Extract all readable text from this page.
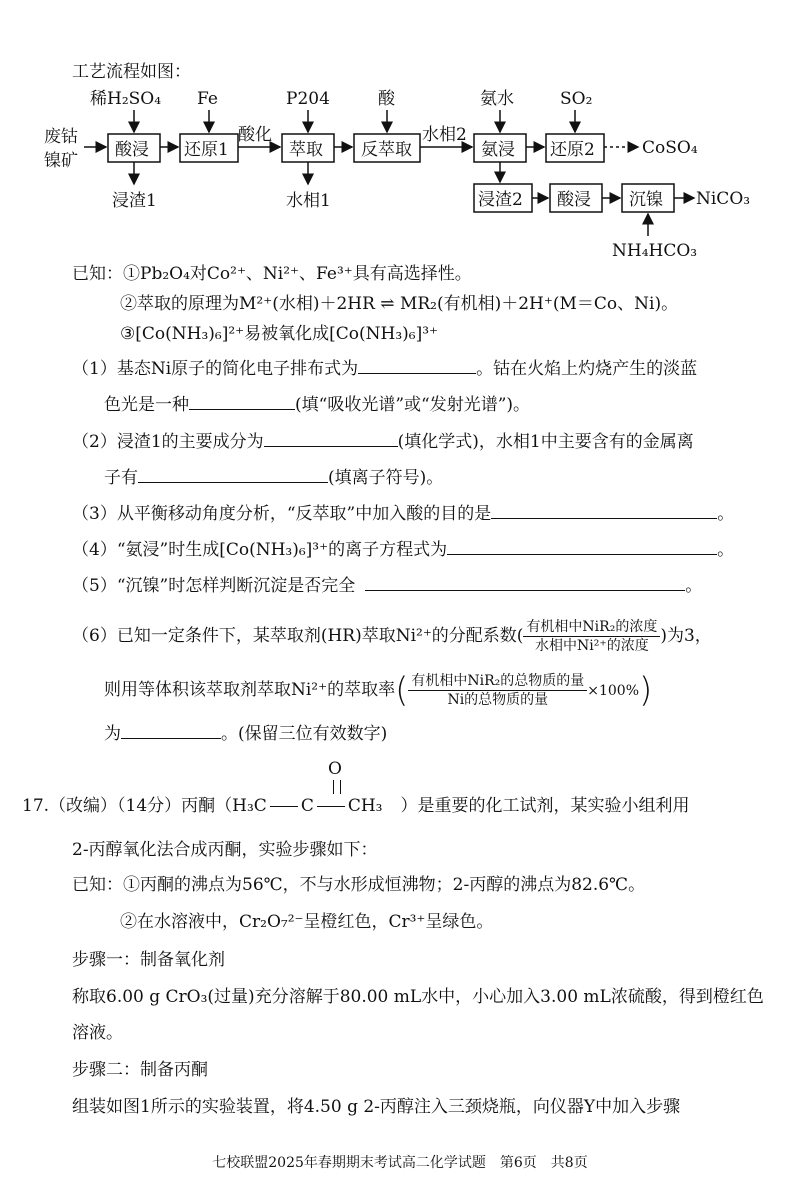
工艺流程如图：
废钴
镍矿
酸浸
稀H₂SO₄
浸渣1
还原1
Fe
酸化
萃取
P204
水相1
反萃取
酸
水相2
氨浸
氨水
还原2
SO₂
CoSO₄
浸渣2 酸浸 沉镍 NiCO₃
NH₄HCO₃
已知：①Pb₂O₄对Co²⁺、Ni²⁺、Fe³⁺具有高选择性。
②萃取的原理为M²⁺(水相)＋2HR ⇌ MR₂(有机相)＋2H⁺(M＝Co、Ni)。
③[Co(NH₃)₆]²⁺易被氧化成[Co(NH₃)₆]³⁺
（1）基态Ni原子的简化电子排布式为	。钴在火焰上灼烧产生的淡蓝
色光是一种	(填“吸收光谱”或“发射光谱”)。
（2）浸渣1的主要成分为	(填化学式)，水相1中主要含有的金属离
子有	(填离子符号)。
（3）从平衡移动角度分析，“反萃取”中加入酸的目的是	。
（4）“氨浸”时生成[Co(NH₃)₆]³⁺的离子方程式为	。
（5）“沉镍”时怎样判断沉淀是否完全	。
（6）已知一定条件下，某萃取剂(HR)萃取Ni²⁺的分配系数( $\frac{\text{有机相中NiR₂的浓度}}{\text{水相中Ni²⁺的浓度}}$ )为3，
则用等体积该萃取剂萃取Ni²⁺的萃取率( $\frac{\text{有机相中NiR₂的总物质的量}}{\text{Ni的总物质的量}} \times 100\%$)
为	。(保留三位有效数字)
O
17.（改编）（14分）丙酮（H₃C C CH₃ ）是重要的化工试剂，某实验小组利用
2-丙醇氧化法合成丙酮，实验步骤如下：
已知：①丙酮的沸点为56℃，不与水形成恒沸物；2-丙醇的沸点为82.6℃。
②在水溶液中，Cr₂O₇²⁻呈橙红色，Cr³⁺呈绿色。
步骤一：制备氧化剂
称取6.00 g CrO₃(过量)充分溶解于80.00 mL水中，小心加入3.00 mL浓硫酸，得到橙红色
溶液。
步骤二：制备丙酮
组装如图1所示的实验装置，将4.50 g 2-丙醇注入三颈烧瓶，向仪器Y中加入步骤
七校联盟2025年春期期末考试高二化学试题　第6页　共8页
